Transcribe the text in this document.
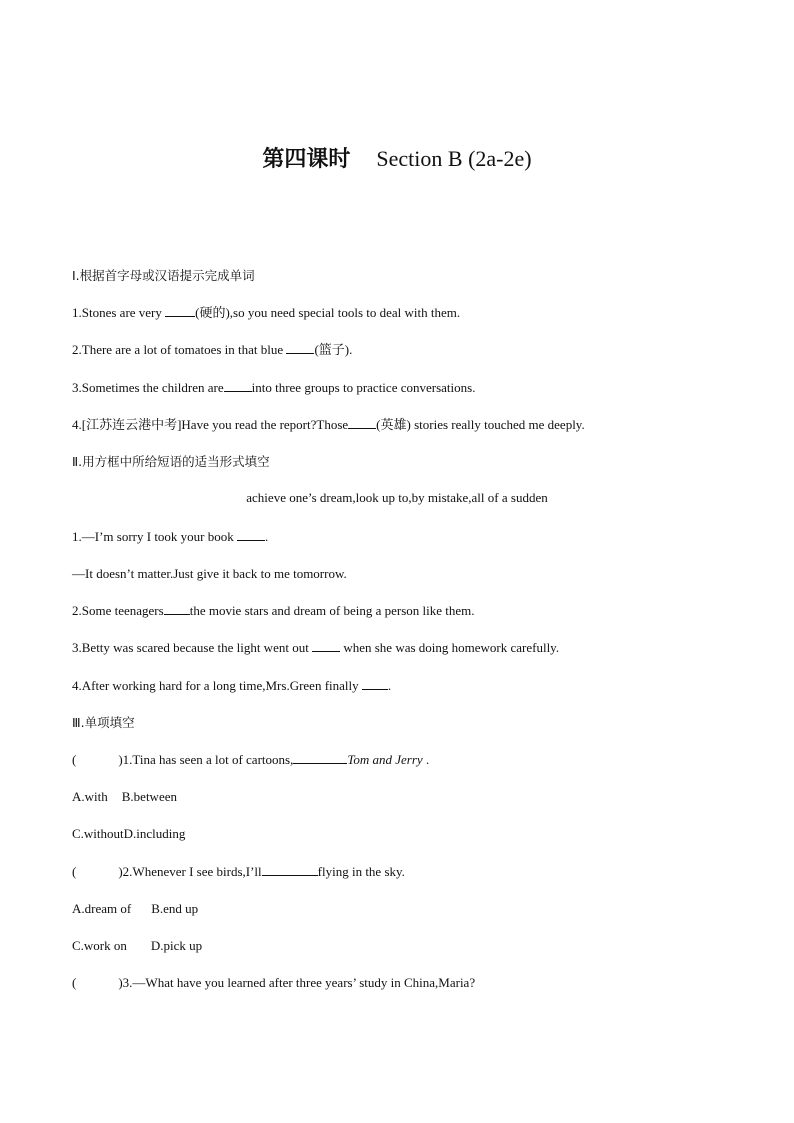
第四课时 Section B (2a-2e)
Ⅰ.根据首字母或汉语提示完成单词
1.Stones are very (硬的),so you need special tools to deal with them.
2.There are a lot of tomatoes in that blue (篮子).
3.Sometimes the children are into three groups to practice conversations.
4.[江苏连云港中考]Have you read the report?Those (英雄) stories really touched me deeply.
Ⅱ.用方框中所给短语的适当形式填空
achieve one’s dream,look up to,by mistake,all of a sudden
1.—I’m sorry I took your book .
—It doesn’t matter.Just give it back to me tomorrow.
2.Some teenagers the movie stars and dream of being a person like them.
3.Betty was scared because the light went out  when she was doing homework carefully.
4.After working hard for a long time,Mrs.Green finally .
Ⅲ.单项填空
(	)1.Tina has seen a lot of cartoons,	Tom and Jerry .
A.with B.between
C.withoutD.including
(	)2.Whenever I see birds,I’ll	flying in the sky.
A.dream of B.end up
C.work on D.pick up
(	)3.—What have you learned after three years’ study in China,Maria?
